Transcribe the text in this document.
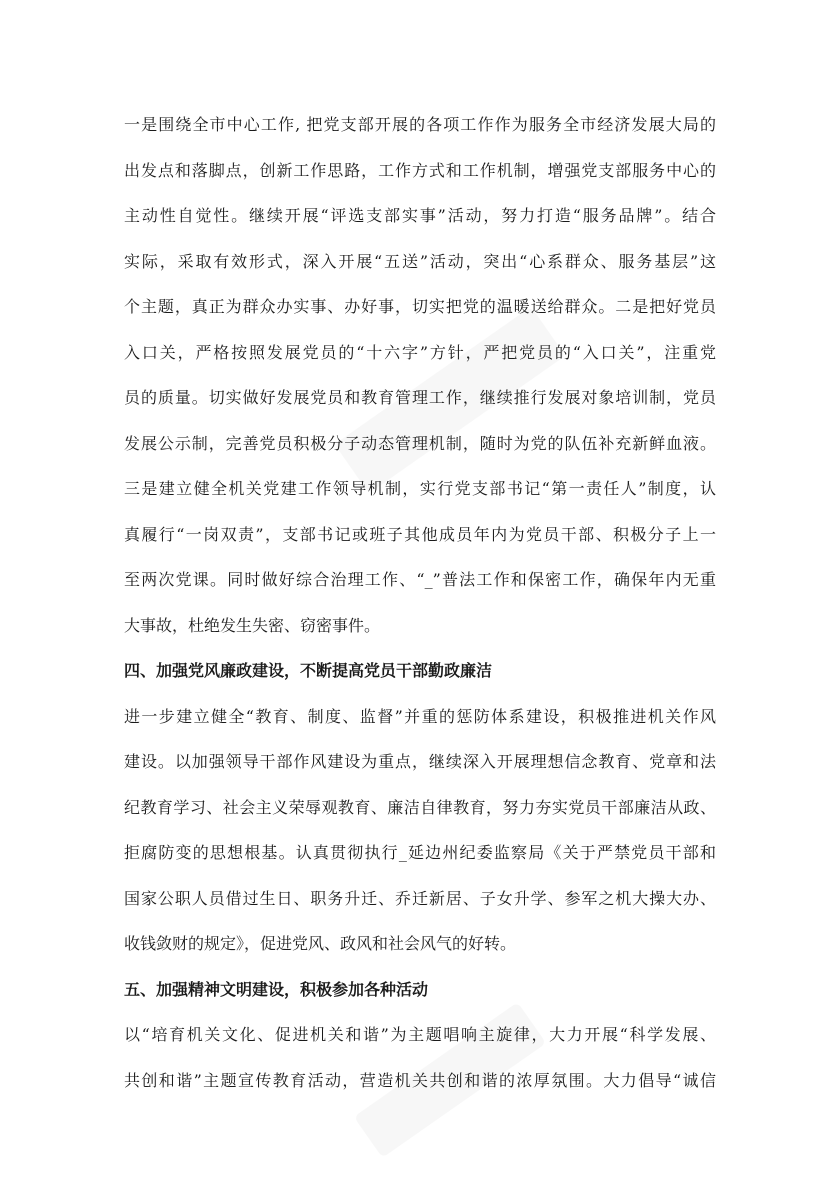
一是围绕全市中心工作, 把党支部开展的各项工作作为服务全市经济发展大局的
出发点和落脚点，创新工作思路，工作方式和工作机制，增强党支部服务中心的
主动性自觉性。继续开展“评选支部实事”活动，努力打造“服务品牌”。结合
实际，采取有效形式，深入开展“五送”活动，突出“心系群众、服务基层”这
个主题，真正为群众办实事、办好事，切实把党的温暖送给群众。二是把好党员
入口关，严格按照发展党员的“十六字”方针，严把党员的“入口关”，注重党
员的质量。切实做好发展党员和教育管理工作，继续推行发展对象培训制，党员
发展公示制，完善党员积极分子动态管理机制，随时为党的队伍补充新鲜血液。
三是建立健全机关党建工作领导机制，实行党支部书记“第一责任人”制度，认
真履行“一岗双责”，支部书记或班子其他成员年内为党员干部、积极分子上一
至两次党课。同时做好综合治理工作、“_”普法工作和保密工作，确保年内无重
大事故，杜绝发生失密、窃密事件。
四、加强党风廉政建设，不断提高党员干部勤政廉洁
进一步建立健全“教育、制度、监督”并重的惩防体系建设，积极推进机关作风
建设。以加强领导干部作风建设为重点，继续深入开展理想信念教育、党章和法
纪教育学习、社会主义荣辱观教育、廉洁自律教育，努力夯实党员干部廉洁从政、
拒腐防变的思想根基。认真贯彻执行_延边州纪委监察局《关于严禁党员干部和
国家公职人员借过生日、职务升迁、乔迁新居、子女升学、参军之机大操大办、
收钱敛财的规定》，促进党风、政风和社会风气的好转。
五、加强精神文明建设，积极参加各种活动
以“培育机关文化、促进机关和谐”为主题唱响主旋律，大力开展“科学发展、
共创和谐”主题宣传教育活动，营造机关共创和谐的浓厚氛围。大力倡导“诚信
